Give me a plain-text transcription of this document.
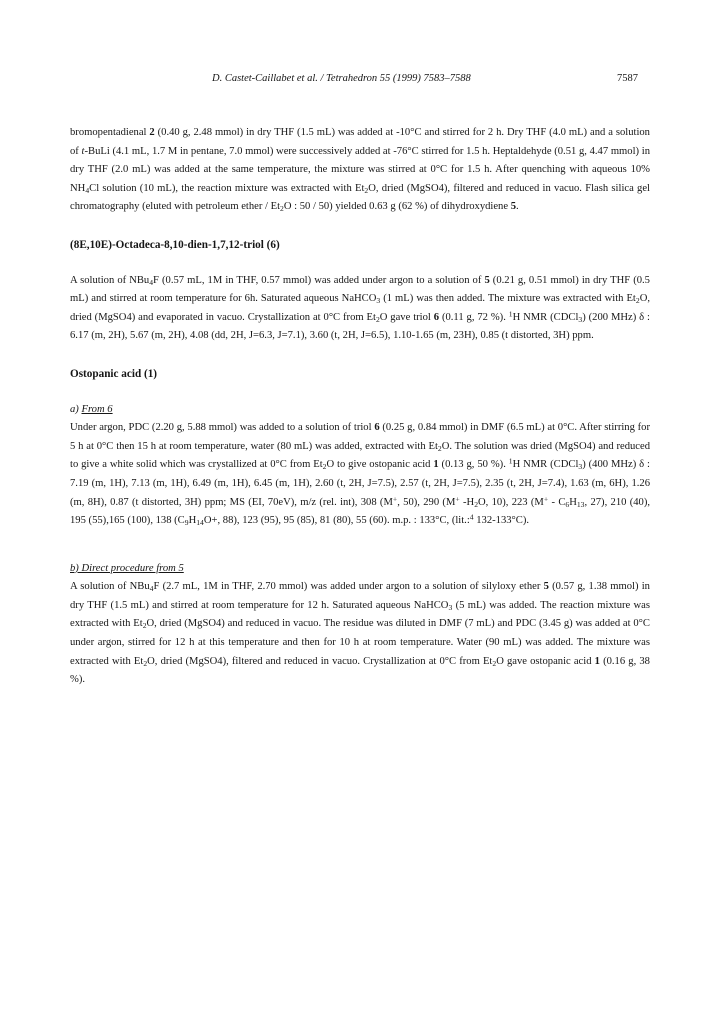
D. Castet-Caillabet et al. / Tetrahedron 55 (1999) 7583–7588	7587

bromopentadienal 2 (0.40 g, 2.48 mmol) in dry THF (1.5 mL) was added at -10°C and stirred for 2 h. Dry THF (4.0 mL) and a solution of t-BuLi (4.1 mL, 1.7 M in pentane, 7.0 mmol) were successively added at -76°C stirred for 1.5 h. Heptaldehyde (0.51 g, 4.47 mmol) in dry THF (2.0 mL) was added at the same temperature, the mixture was stirred at 0°C for 1.5 h. After quenching with aqueous 10% $NH_4Cl$ solution (10 mL), the reaction mixture was extracted with $Et_2O$, dried (MgSO4), filtered and reduced in vacuo. Flash silica gel chromatography (eluted with petroleum ether / $Et_2O$ : 50 / 50) yielded 0.63 g (62 %) of dihydroxydiene 5.

(8E,10E)-Octadeca-8,10-dien-1,7,12-triol (6)

A solution of NBu$_4$F (0.57 mL, 1M in THF, 0.57 mmol) was added under argon to a solution of 5 (0.21 g, 0.51 mmol) in dry THF (0.5 mL) and stirred at room temperature for 6h. Saturated aqueous NaHCO$_3$ (1 mL) was then added. The mixture was extracted with $Et_2O$, dried (MgSO4) and evaporated in vacuo. Crystallization at 0°C from $Et_2O$ gave triol 6 (0.11 g, 72 %). $^1$H NMR (CDCl$_3$) (200 MHz) δ : 6.17 (m, 2H), 5.67 (m, 2H), 4.08 (dd, 2H, J=6.3, J=7.1), 3.60 (t, 2H, J=6.5), 1.10-1.65 (m, 23H), 0.85 (t distorted, 3H) ppm.

Ostopanic acid (1)

a) From 6

Under argon, PDC (2.20 g, 5.88 mmol) was added to a solution of triol 6 (0.25 g, 0.84 mmol) in DMF (6.5 mL) at 0°C. After stirring for 5 h at 0°C then 15 h at room temperature, water (80 mL) was added, extracted with $Et_2O$. The solution was dried (MgSO4) and reduced to give a white solid which was crystallized at 0°C from $Et_2O$ to give ostopanic acid 1 (0.13 g, 50 %). $^1$H NMR (CDCl$_3$) (400 MHz) δ : 7.19 (m, 1H), 7.13 (m, 1H), 6.49 (m, 1H), 6.45 (m, 1H), 2.60 (t, 2H, J=7.5), 2.57 (t, 2H, J=7.5), 2.35 (t, 2H, J=7.4), 1.63 (m, 6H), 1.26 (m, 8H), 0.87 (t distorted, 3H) ppm; MS (EI, 70eV), m/z (rel. int), 308 (M+, 50), 290 (M+ $-H_2O$, 10), 223 ($M^+ - C_6H_{13}$, 27), 210 (40), 195 (55),165 (100), 138 ($C_9H_{14}O+$, 88), 123 (95), 95 (85), 81 (80), 55 (60). m.p. : 133°C, (lit.:$^4$ 132-133°C).

b) Direct procedure from 5

A solution of NBu$_4$F (2.7 mL, 1M in THF, 2.70 mmol) was added under argon to a solution of silyloxy ether 5 (0.57 g, 1.38 mmol) in dry THF (1.5 mL) and stirred at room temperature for 12 h. Saturated aqueous NaHCO$_3$ (5 mL) was added. The reaction mixture was extracted with $Et_2O$, dried (MgSO4) and reduced in vacuo. The residue was diluted in DMF (7 mL) and PDC (3.45 g) was added at 0°C under argon, stirred for 12 h at this temperature and then for 10 h at room temperature. Water (90 mL) was added. The mixture was extracted with $Et_2O$, dried (MgSO4), filtered and reduced in vacuo. Crystallization at 0°C from $Et_2O$ gave ostopanic acid 1 (0.16 g, 38 %).
